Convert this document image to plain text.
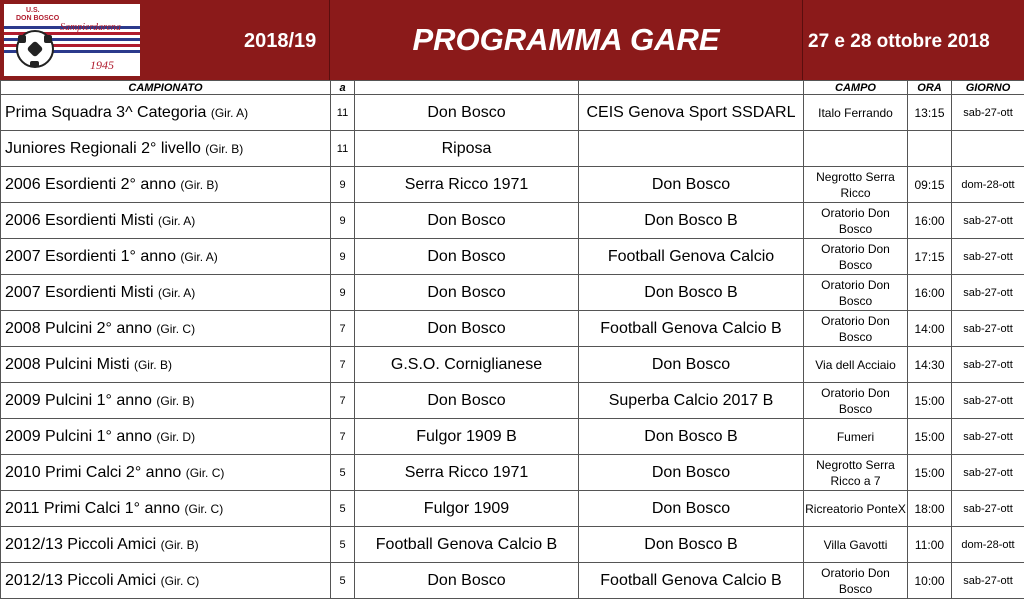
U.S.
DON BOSCO
Sampierdarena
1945
2018/19	PROGRAMMA GARE	27 e 28 ottobre 2018
CAMPIONATO	a			CAMPO	ORA	GIORNO
Prima Squadra 3^ Categoria (Gir. A)	11	Don Bosco	CEIS Genova Sport SSDARL	Italo Ferrando	13:15	sab-27-ott
Juniores Regionali 2° livello (Gir. B)	11	Riposa				
2006 Esordienti 2° anno (Gir. B)	9	Serra Ricco 1971	Don Bosco	Negrotto Serra Ricco	09:15	dom-28-ott
2006 Esordienti Misti (Gir. A)	9	Don Bosco	Don Bosco B	Oratorio Don Bosco	16:00	sab-27-ott
2007 Esordienti 1° anno (Gir. A)	9	Don Bosco	Football Genova Calcio	Oratorio Don Bosco	17:15	sab-27-ott
2007 Esordienti Misti (Gir. A)	9	Don Bosco	Don Bosco B	Oratorio Don Bosco	16:00	sab-27-ott
2008 Pulcini 2° anno (Gir. C)	7	Don Bosco	Football Genova Calcio B	Oratorio Don Bosco	14:00	sab-27-ott
2008 Pulcini Misti (Gir. B)	7	G.S.O. Corniglianese	Don Bosco	Via dell Acciaio	14:30	sab-27-ott
2009 Pulcini 1° anno (Gir. B)	7	Don Bosco	Superba Calcio 2017 B	Oratorio Don Bosco	15:00	sab-27-ott
2009 Pulcini 1° anno (Gir. D)	7	Fulgor 1909 B	Don Bosco B	Fumeri	15:00	sab-27-ott
2010 Primi Calci 2° anno (Gir. C)	5	Serra Ricco 1971	Don Bosco	Negrotto Serra Ricco a 7	15:00	sab-27-ott
2011 Primi Calci 1° anno (Gir. C)	5	Fulgor 1909	Don Bosco	Ricreatorio PonteX	18:00	sab-27-ott
2012/13 Piccoli Amici (Gir. B)	5	Football Genova Calcio B	Don Bosco B	Villa Gavotti	11:00	dom-28-ott
2012/13 Piccoli Amici (Gir. C)	5	Don Bosco	Football Genova Calcio B	Oratorio Don Bosco	10:00	sab-27-ott
